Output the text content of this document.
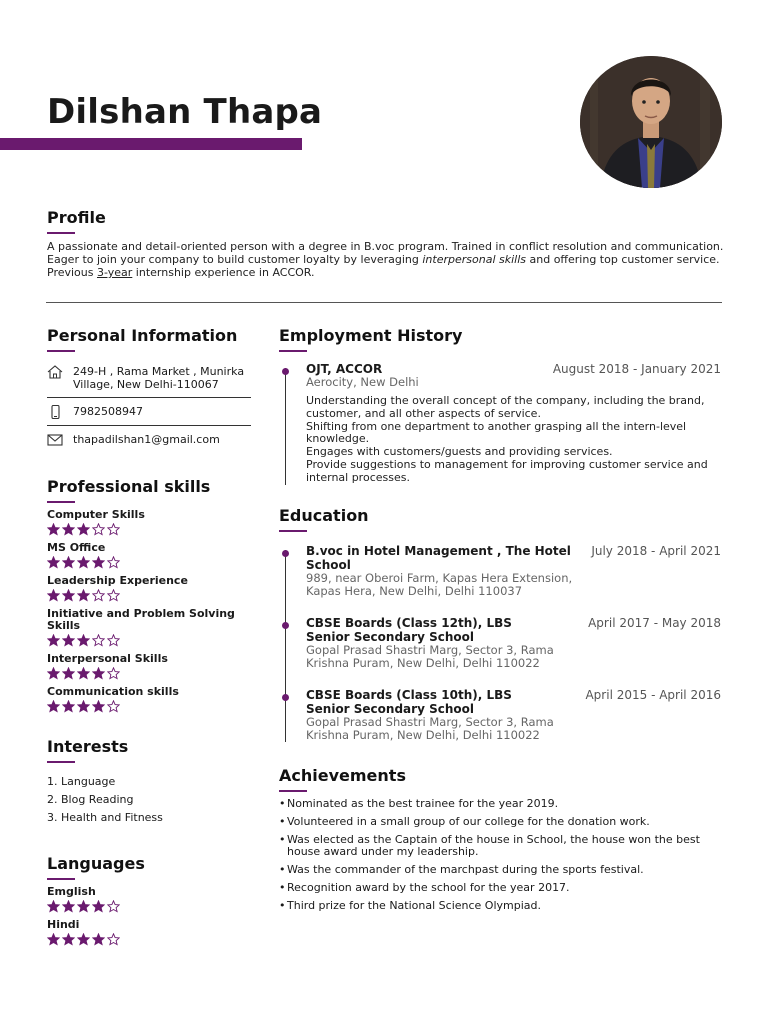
Dilshan Thapa
Profile

A passionate and detail-oriented person with a degree in B.voc program. Trained in conflict resolution and communication. Eager to join your company to build customer loyalty by leveraging interpersonal skills and offering top customer service. Previous 3-year internship experience in ACCOR.

Personal Information
249-H , Rama Market , Munirka Village, New Delhi-110067
7982508947
thapadilshan1@gmail.com
Professional skills
Computer Skills
MS Office
Leadership Experience
Initiative and Problem Solving Skills
Interpersonal Skills
Communication skills
Interests
1. Language
2. Blog Reading
3. Health and Fitness
Languages
Emglish
Hindi
Employment History
OJT, ACCOR	August 2018 - January 2021
Aerocity, New Delhi
Understanding the overall concept of the company, including the brand, customer, and all other aspects of service.
Shifting from one department to another grasping all the intern-level knowledge.
Engages with customers/guests and providing services.
Provide suggestions to management for improving customer service and internal processes.
Education
B.voc in Hotel Management , The Hotel School
July 2018 - April 2021
989, near Oberoi Farm, Kapas Hera Extension, Kapas Hera, New Delhi, Delhi 110037
CBSE Boards (Class 12th), LBS Senior Secondary School
April 2017 - May 2018
Gopal Prasad Shastri Marg, Sector 3, Rama Krishna Puram, New Delhi, Delhi 110022
CBSE Boards (Class 10th), LBS Senior Secondary School
April 2015 - April 2016
Gopal Prasad Shastri Marg, Sector 3, Rama Krishna Puram, New Delhi, Delhi 110022
Achievements
• Nominated as the best trainee for the year 2019.
• Volunteered in a small group of our college for the donation work.
• Was elected as the Captain of the house in School, the house won the best house award under my leadership.
• Was the commander of the marchpast during the sports festival.
• Recognition award by the school for the year 2017.
• Third prize for the National Science Olympiad.
